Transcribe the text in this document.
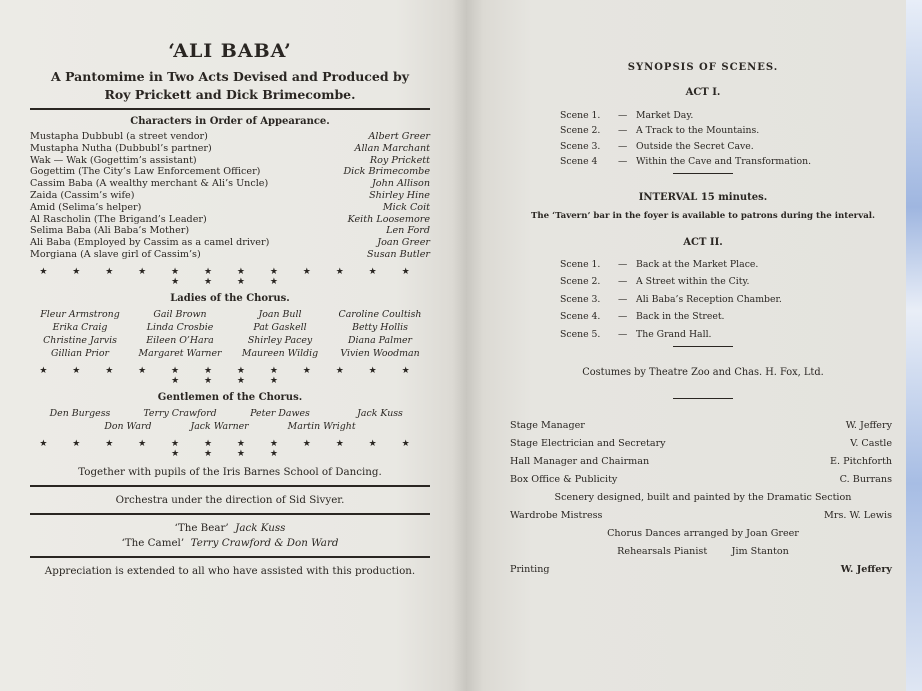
‘ALI BABA’
A Pantomime in Two Acts Devised and Produced by
Roy Prickett and Dick Brimecombe.
Characters in Order of Appearance.
Mustapha Dubbubl (a street vendor)	Albert Greer
Mustapha Nutha (Dubbubl’s partner)	Allan Marchant
Wak — Wak (Gogettim’s assistant)	Roy Prickett
Gogettim (The City’s Law Enforcement Officer)	Dick Brimecombe
Cassim Baba (A wealthy merchant & Ali’s Uncle)	John Allison
Zaida (Cassim’s wife)	Shirley Hine
Amid (Selima’s helper)	Mick Coit
Al Rascholin (The Brigand’s Leader)	Keith Loosemore
Selima Baba (Ali Baba’s Mother)	Len Ford
Ali Baba (Employed by Cassim as a camel driver)	Joan Greer
Morgiana (A slave girl of Cassim’s)	Susan Butler
★ ★ ★ ★ ★ ★ ★ ★ ★ ★ ★ ★ ★ ★ ★ ★
Ladies of the Chorus.
Fleur Armstrong	Gail Brown	Joan Bull	Caroline Coultish
Erika Craig	Linda Crosbie	Pat Gaskell	Betty Hollis
Christine Jarvis	Eileen O’Hara	Shirley Pacey	Diana Palmer
Gillian Prior	Margaret Warner	Maureen Wildig	Vivien Woodman
★ ★ ★ ★ ★ ★ ★ ★ ★ ★ ★ ★ ★ ★ ★ ★
Gentlemen of the Chorus.
Den Burgess	Terry Crawford	Peter Dawes	Jack Kuss
Don Ward	Jack Warner	Martin Wright
★ ★ ★ ★ ★ ★ ★ ★ ★ ★ ★ ★ ★ ★ ★ ★
Together with pupils of the Iris Barnes School of Dancing.
Orchestra under the direction of Sid Sivyer.
‘The Bear’ Jack Kuss
‘The Camel’ Terry Crawford & Don Ward
Appreciation is extended to all who have assisted with this production.
SYNOPSIS OF SCENES.
ACT I.
Scene 1.	— Market Day.
Scene 2.	— A Track to the Mountains.
Scene 3.	— Outside the Secret Cave.
Scene 4	— Within the Cave and Transformation.
INTERVAL 15 minutes.
The ‘Tavern’ bar in the foyer is available to patrons during the interval.
ACT II.
Scene 1.	— Back at the Market Place.
Scene 2.	— A Street within the City.
Scene 3.	— Ali Baba’s Reception Chamber.
Scene 4.	— Back in the Street.
Scene 5.	— The Grand Hall.
Costumes by Theatre Zoo and Chas. H. Fox, Ltd.
Stage Manager	W. Jeffery
Stage Electrician and Secretary	V. Castle
Hall Manager and Chairman	E. Pitchforth
Box Office & Publicity	C. Burrans
Scenery designed, built and painted by the Dramatic Section
Wardrobe Mistress	Mrs. W. Lewis
Chorus Dances arranged by Joan Greer
Rehearsals Pianist	Jim Stanton
Printing	W. Jeffery
